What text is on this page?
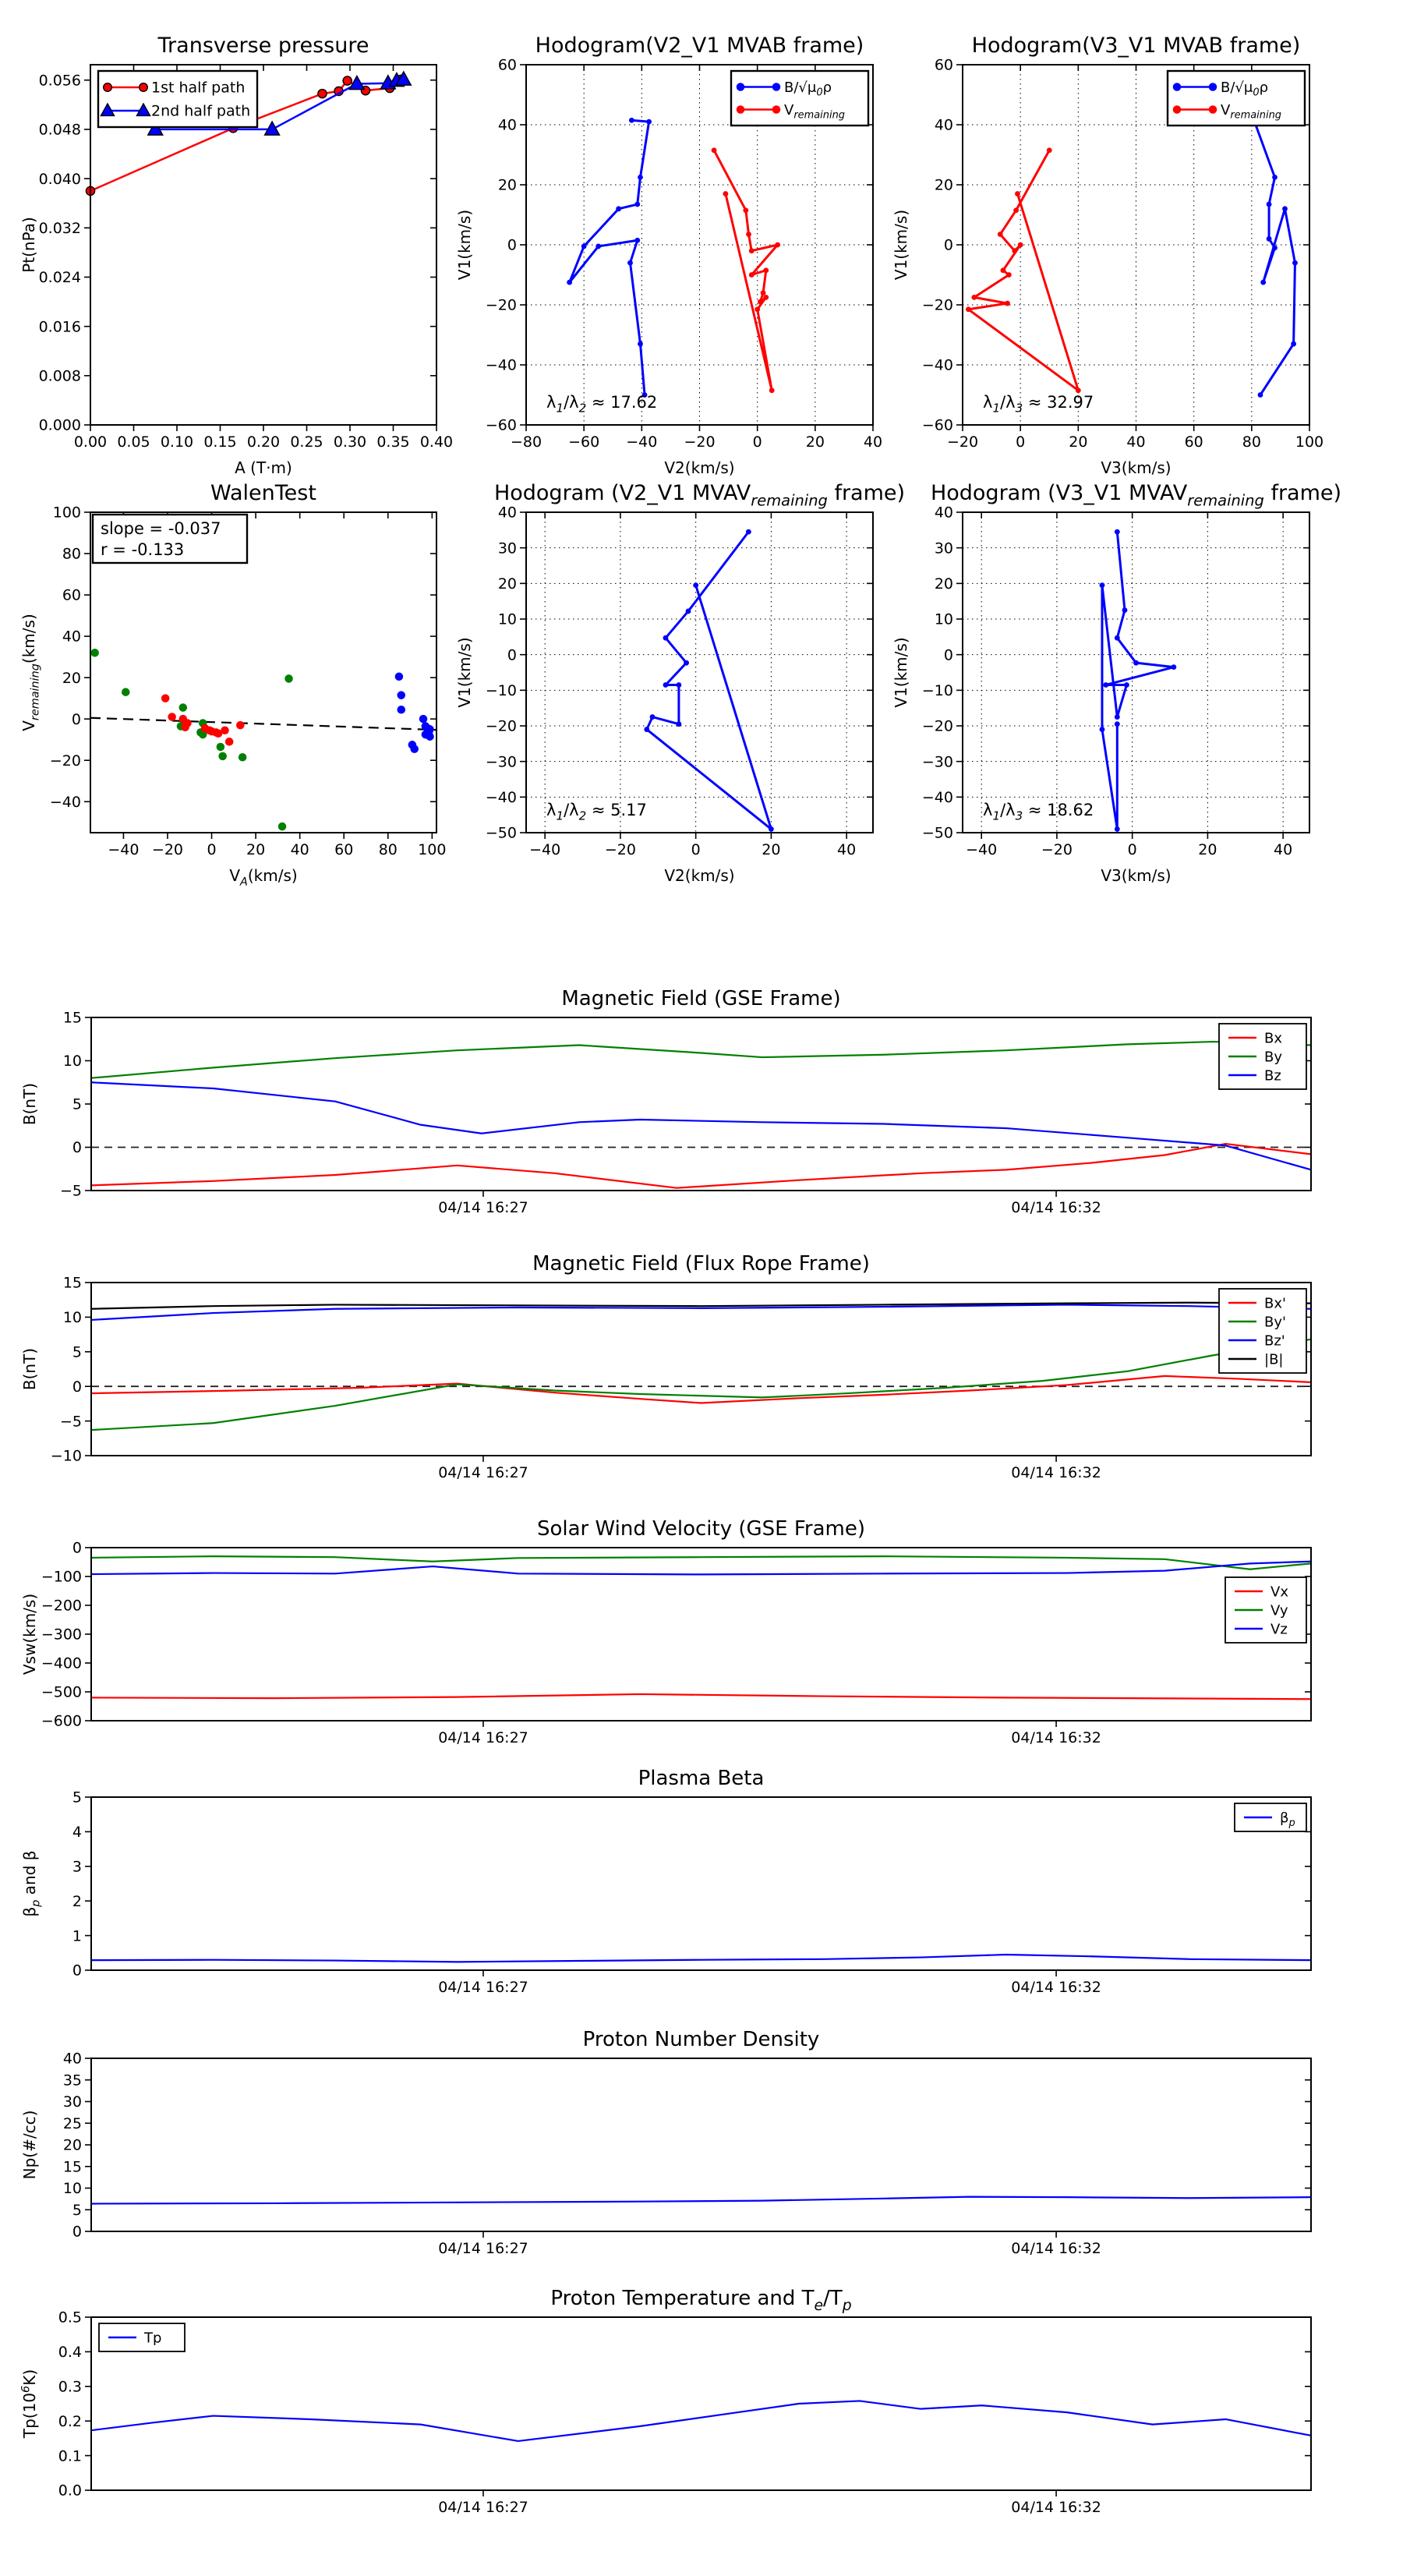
0.00 0.05 0.10 0.15 0.20 0.25 0.30 0.35 0.40
0.000
0.008
0.016
0.024
0.032
0.040
0.048
0.056
Transverse pressure
A (T·m)
Pt(nPa)
1st half path
2nd half path
−80 −60 −40 −20	0	20	40
−60
−40
−20
0
20
40
60
Hodogram(V2_V1 MVAB frame)
V2(km/s)
V1(km/s)
$\lambda_1/\lambda_2 \approx 17.62$
$B/√\mu_0\rho$
$V_{remaining}$
−20	0	20	40	60	80 100
−60
−40
−20
0
20
40
60
Hodogram(V3_V1 MVAB frame)
V3(km/s)
V1(km/s)
$\lambda_1/\lambda_3 \approx 32.97$
$B/√\mu_0\rho$
$V_{remaining}$
−40 −20 0 20 40 60 80 100
−40
−20
0
20
40
60
80
100
WalenTest
$V_A(km/s)$
$V_{remaining}(km/s)$
slope = -0.037
r = -0.133
−40	−20	0	20	40
−50
−40
−30
−20
−10
0
10
20
30
40
Hodogram (V2_V1 $MVAV_{remaining}$ frame)
V2(km/s)
V1(km/s)
$\lambda_1/\lambda_2 \approx 5.17$
−40	−20	0	20	40
−50
−40
−30
−20
−10
0
10
20
30
40
Hodogram (V3_V1 $MVAV_{remaining}$ frame)
V3(km/s)
V1(km/s)
$\lambda_1/\lambda_3 \approx 18.62$
04/14 16:27	04/14 16:32
−5
0
5
10
15
Magnetic Field (GSE Frame)
B(nT)
Bx
By
Bz
04/14 16:27	04/14 16:32
−10
−5
0
5
10
15
Magnetic Field (Flux Rope Frame)
B(nT)
Bx'
By'
Bz'
|B|
04/14 16:27	04/14 16:32
−600
−500
−400
−300
−200
−100
0
Solar Wind Velocity (GSE Frame)
Vsw(km/s)
Vx
Vy
Vz
04/14 16:27	04/14 16:32
0
1
2
3
4
5
Plasma Beta
$\beta_p$ and β
$\beta_p$
04/14 16:27	04/14 16:32
0
5
10
15
20
25
30
35
40
Proton Number Density
Np(#/cc)
04/14 16:27	04/14 16:32
0.0
0.1
0.2
0.3
0.4
0.5
Proton Temperature and $T_e/T_p$
$Tp(10^6K)$
Tp
